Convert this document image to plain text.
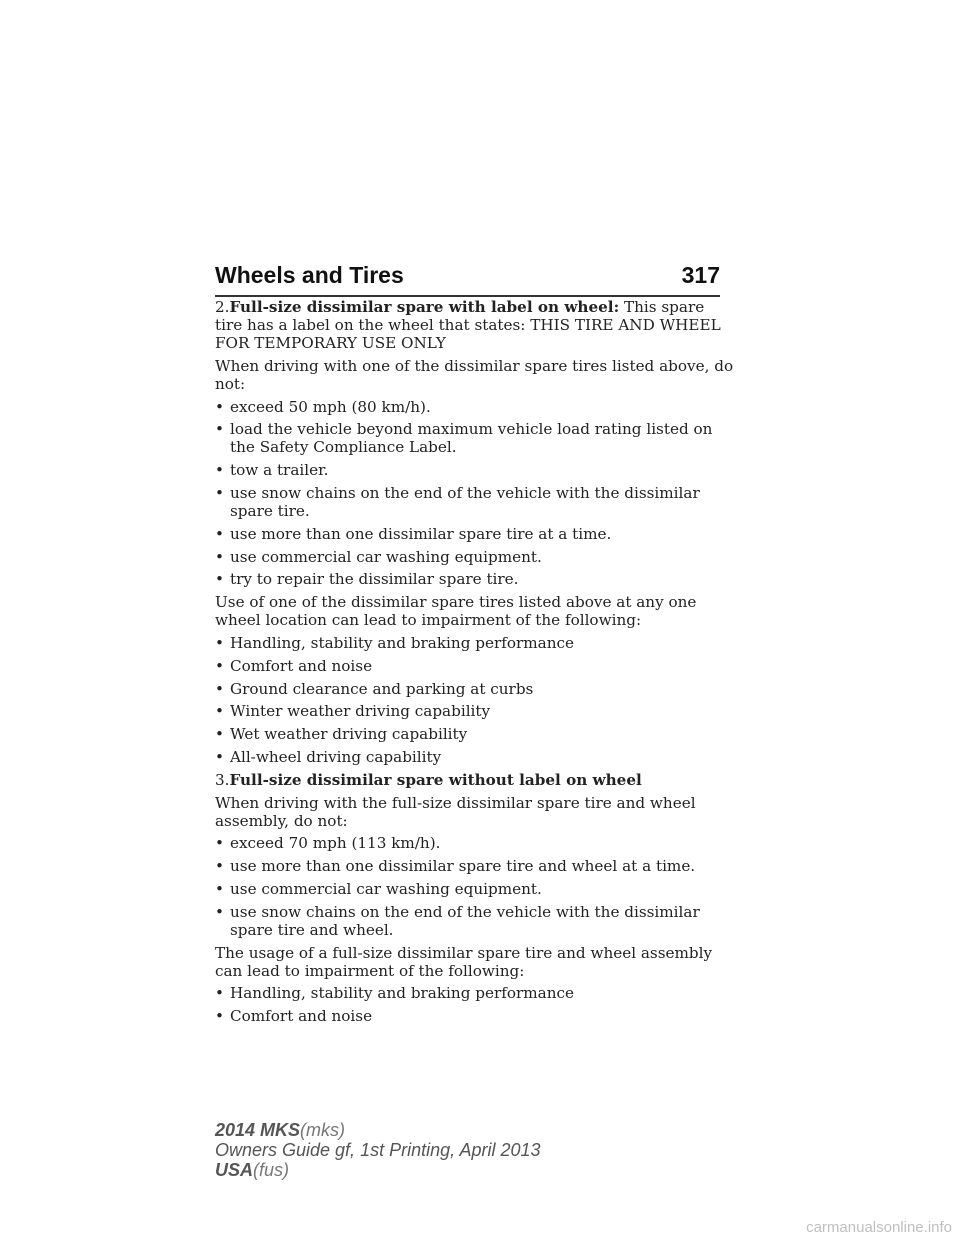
Wheels and Tires	317

2.Full-size dissimilar spare with label on wheel: This spare tire has a label on the wheel that states: THIS TIRE AND WHEEL FOR TEMPORARY USE ONLY

When driving with one of the dissimilar spare tires listed above, do not:

• exceed 50 mph (80 km/h).
• load the vehicle beyond maximum vehicle load rating listed on the Safety Compliance Label.
• tow a trailer.
• use snow chains on the end of the vehicle with the dissimilar spare tire.
• use more than one dissimilar spare tire at a time.
• use commercial car washing equipment.
• try to repair the dissimilar spare tire.

Use of one of the dissimilar spare tires listed above at any one wheel location can lead to impairment of the following:

• Handling, stability and braking performance
• Comfort and noise
• Ground clearance and parking at curbs
• Winter weather driving capability
• Wet weather driving capability
• All-wheel driving capability

3.Full-size dissimilar spare without label on wheel

When driving with the full-size dissimilar spare tire and wheel assembly, do not:

• exceed 70 mph (113 km/h).
• use more than one dissimilar spare tire and wheel at a time.
• use commercial car washing equipment.
• use snow chains on the end of the vehicle with the dissimilar spare tire and wheel.

The usage of a full-size dissimilar spare tire and wheel assembly can lead to impairment of the following:

• Handling, stability and braking performance
• Comfort and noise
2014 MKS(mks)
Owners Guide gf, 1st Printing, April 2013
USA(fus)
carmanualsonline.info
